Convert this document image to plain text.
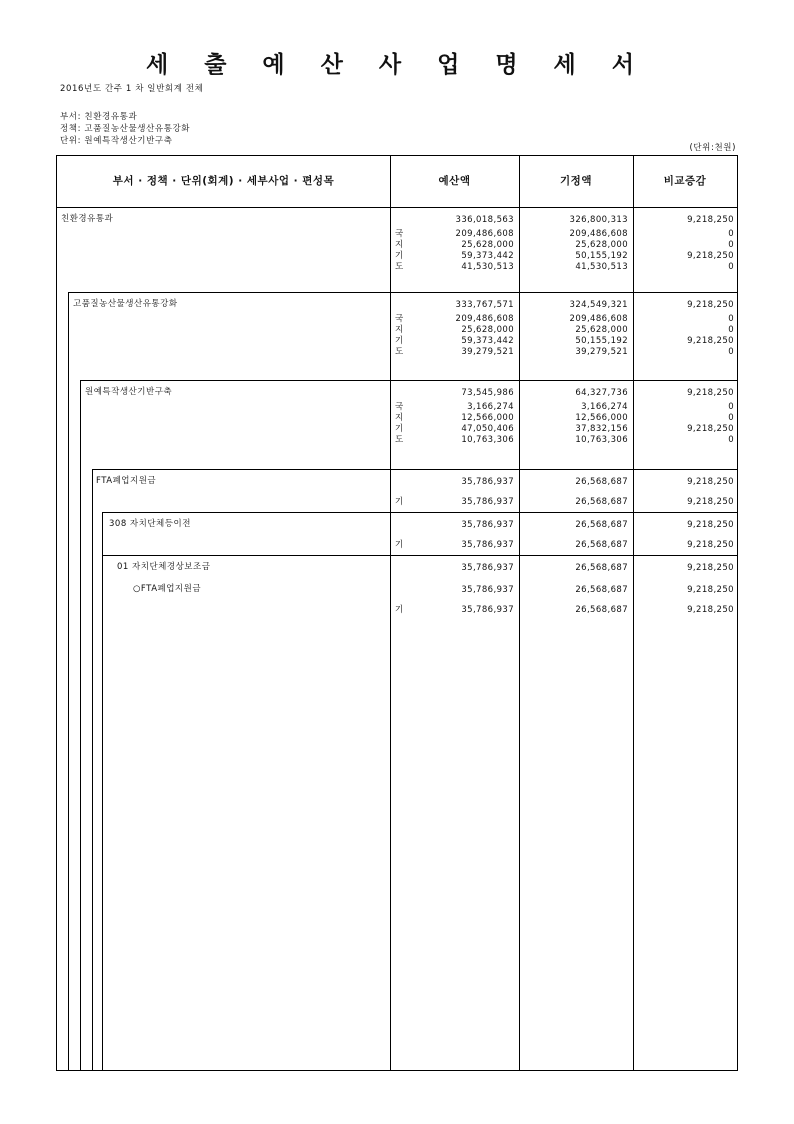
세 출 예 산 사 업 명 세 서
2016년도 간주 1 차 일반회계 전체
부서: 친환경유통과
정책: 고품질농산물생산유통강화
단위: 원예특작생산기반구축
(단위:천원)
부서 · 정책 · 단위(회계) · 세부사업 · 편성목	예산액	기정액	비교증감
친환경유통과	336,018,563	326,800,313	9,218,250
국	209,486,608	209,486,608	0
지	25,628,000	25,628,000	0
기	59,373,442	50,155,192	9,218,250
도	41,530,513	41,530,513	0
고품질농산물생산유통강화	333,767,571	324,549,321	9,218,250
국	209,486,608	209,486,608	0
지	25,628,000	25,628,000	0
기	59,373,442	50,155,192	9,218,250
도	39,279,521	39,279,521	0
원예특작생산기반구축	73,545,986	64,327,736	9,218,250
국	3,166,274	3,166,274	0
지	12,566,000	12,566,000	0
기	47,050,406	37,832,156	9,218,250
도	10,763,306	10,763,306	0
FTA폐업지원금	35,786,937	26,568,687	9,218,250
기	35,786,937	26,568,687	9,218,250
308 자치단체등이전	35,786,937	26,568,687	9,218,250
기	35,786,937	26,568,687	9,218,250
01 자치단체경상보조금	35,786,937	26,568,687	9,218,250
○FTA폐업지원금	35,786,937	26,568,687	9,218,250
기	35,786,937	26,568,687	9,218,250
